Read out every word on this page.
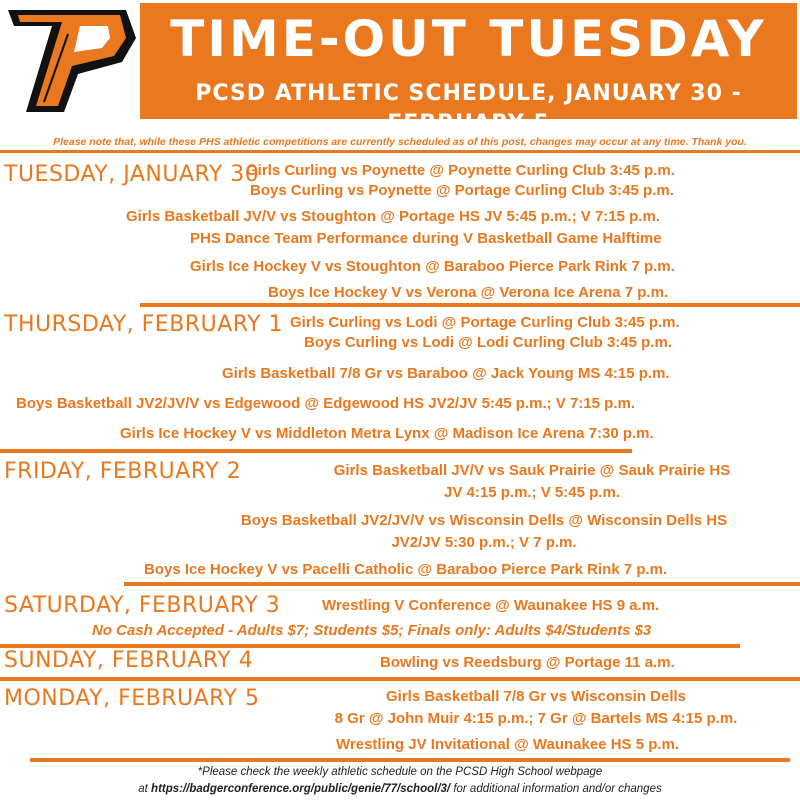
TIME-OUT TUESDAY
PCSD ATHLETIC SCHEDULE, JANUARY 30 - FEBRUARY 5
Please note that, while these PHS athletic competitions are currently scheduled as of this post, changes may occur at any time. Thank you.
TUESDAY, JANUARY 30
Girls Curling vs Poynette @ Poynette Curling Club 3:45 p.m.
Boys Curling vs Poynette @ Portage Curling Club 3:45 p.m.
Girls Basketball JV/V vs Stoughton @ Portage HS JV 5:45 p.m.; V 7:15 p.m.
PHS Dance Team Performance during V Basketball Game Halftime
Girls Ice Hockey V vs Stoughton @ Baraboo Pierce Park Rink 7 p.m.
Boys Ice Hockey V vs Verona @ Verona Ice Arena 7 p.m.
THURSDAY, FEBRUARY 1 Girls Curling vs Lodi @ Portage Curling Club 3:45 p.m.
Boys Curling vs Lodi @ Lodi Curling Club 3:45 p.m.
Girls Basketball 7/8 Gr vs Baraboo @ Jack Young MS 4:15 p.m.
Boys Basketball JV2/JV/V vs Edgewood @ Edgewood HS JV2/JV 5:45 p.m.; V 7:15 p.m.
Girls Ice Hockey V vs Middleton Metra Lynx @ Madison Ice Arena 7:30 p.m.
FRIDAY, FEBRUARY 2	Girls Basketball JV/V vs Sauk Prairie @ Sauk Prairie HS
JV 4:15 p.m.; V 5:45 p.m.
Boys Basketball JV2/JV/V vs Wisconsin Dells @ Wisconsin Dells HS
JV2/JV 5:30 p.m.; V 7 p.m.
Boys Ice Hockey V vs Pacelli Catholic @ Baraboo Pierce Park Rink 7 p.m.
SATURDAY, FEBRUARY 3	Wrestling V Conference @ Waunakee HS 9 a.m.
No Cash Accepted - Adults $7; Students $5; Finals only: Adults $4/Students $3
SUNDAY, FEBRUARY 4	Bowling vs Reedsburg @ Portage 11 a.m.
MONDAY, FEBRUARY 5	Girls Basketball 7/8 Gr vs Wisconsin Dells
8 Gr @ John Muir 4:15 p.m.; 7 Gr @ Bartels MS 4:15 p.m.
Wrestling JV Invitational @ Waunakee HS 5 p.m.
*Please check the weekly athletic schedule on the PCSD High School webpage
at https://badgerconference.org/public/genie/77/school/3/ for additional information and/or changes
